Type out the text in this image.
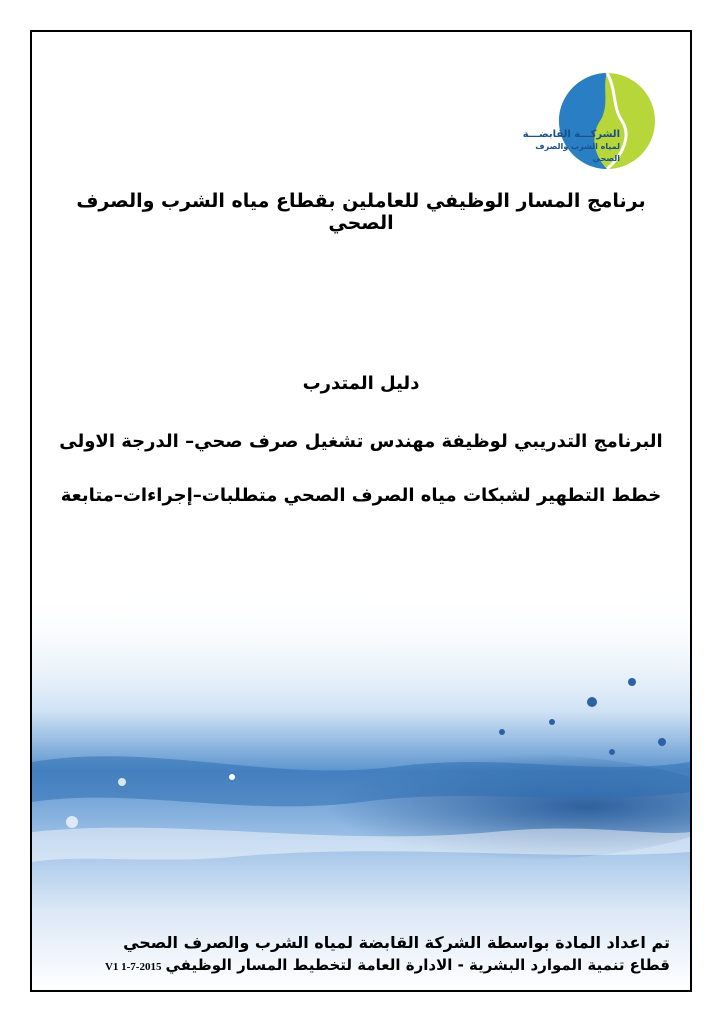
الشركـــة القابضـــة
لمياه الشرب والصرف الصحي
برنامج المسار الوظيفي للعاملين بقطاع مياه الشرب والصرف الصحي
دليل المتدرب
البرنامج التدريبي لوظيفة مهندس تشغيل صرف صحي– الدرجة الاولى
خطط التطهير لشبكات مياه الصرف الصحي متطلبات–إجراءات–متابعة
تم اعداد المادة بواسطة الشركة القابضة لمياه الشرب والصرف الصحي
قطاع تنمية الموارد البشرية - الادارة العامة لتخطيط المسار الوظيفيV1 1-7-2015
